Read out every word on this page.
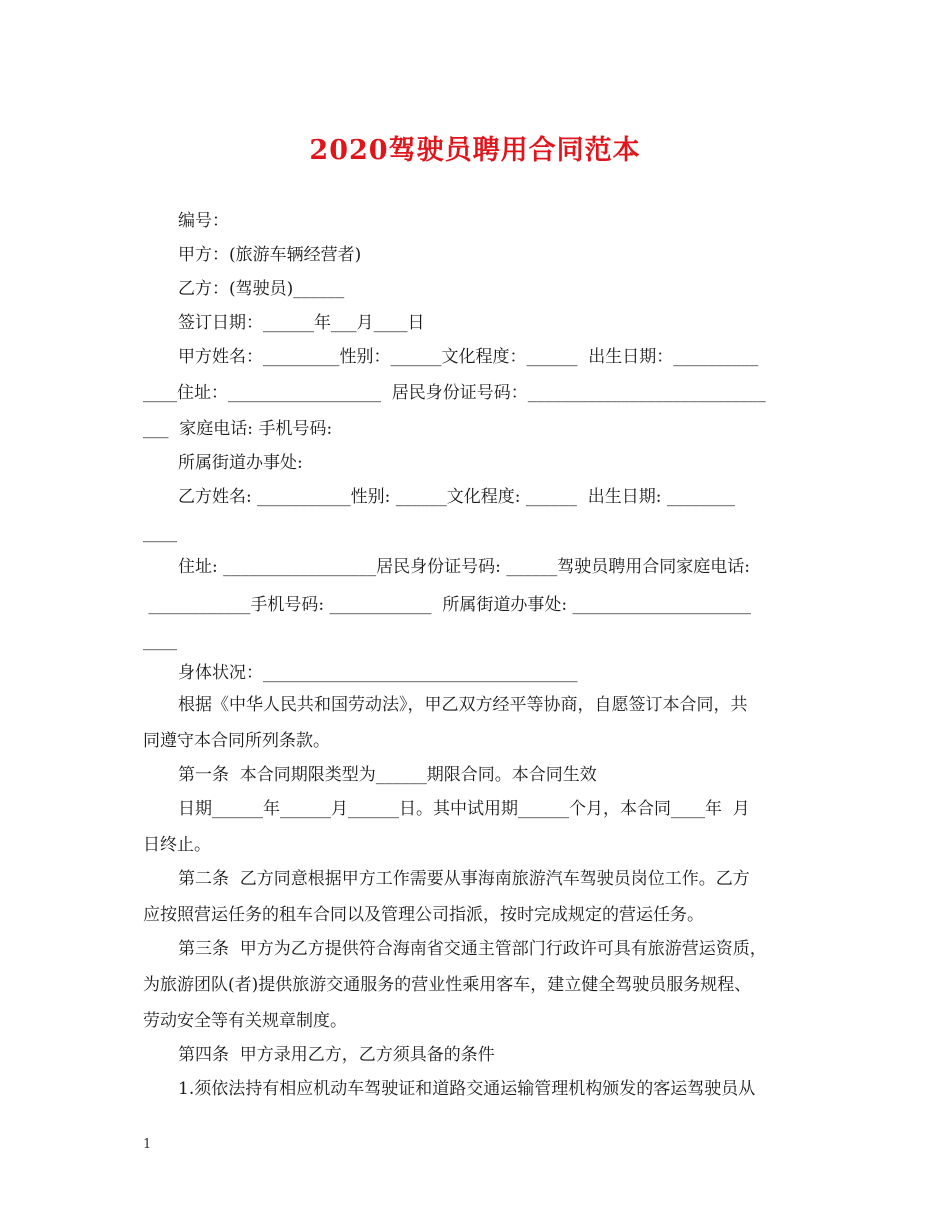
2020驾驶员聘用合同范本
编号：
甲方：(旅游车辆经营者)
乙方：(驾驶员)______
签订日期：______年___月____日
甲方姓名：_________性别：______文化程度：______  出生日期：__________
____住址：__________________  居民身份证号码：____________________________
___  家庭电话: 手机号码:
所属街道办事处:
乙方姓名: ___________性别: ______文化程度: ______  出生日期: ________
____
住址: __________________居民身份证号码: ______驾驶员聘用合同家庭电话:
____________手机号码: ____________  所属街道办事处: _____________________
____
身体状况：_____________________________________
根据《中华人民共和国劳动法》，甲乙双方经平等协商，自愿签订本合同，共
同遵守本合同所列条款。
第一条  本合同期限类型为______期限合同。本合同生效
日期______年______月______日。其中试用期______个月，本合同____年  月
日终止。
第二条  乙方同意根据甲方工作需要从事海南旅游汽车驾驶员岗位工作。乙方
应按照营运任务的租车合同以及管理公司指派，按时完成规定的营运任务。
第三条  甲方为乙方提供符合海南省交通主管部门行政许可具有旅游营运资质，
为旅游团队(者)提供旅游交通服务的营业性乘用客车，建立健全驾驶员服务规程、
劳动安全等有关规章制度。
第四条  甲方录用乙方，乙方须具备的条件
1.须依法持有相应机动车驾驶证和道路交通运输管理机构颁发的客运驾驶员从
1
